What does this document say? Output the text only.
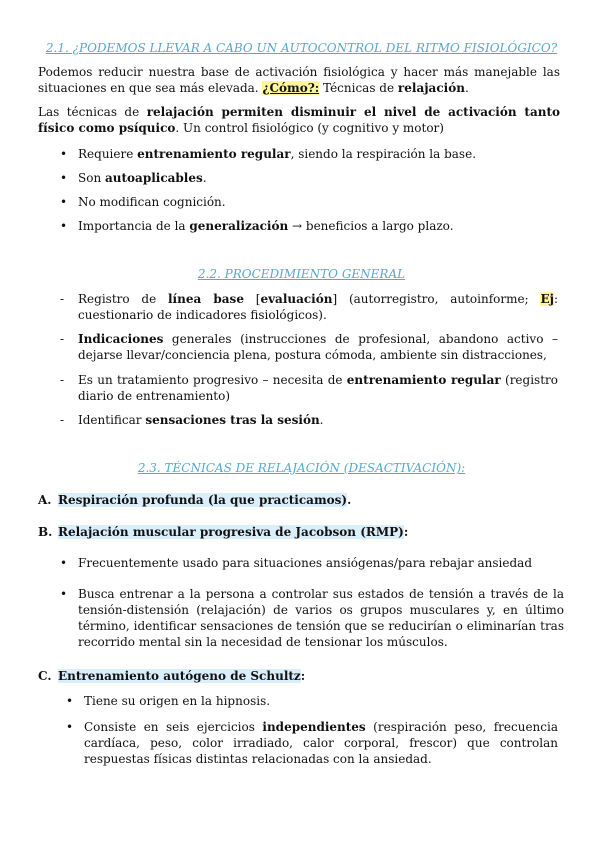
2.1. ¿PODEMOS LLEVAR A CABO UN AUTOCONTROL DEL RITMO FISIOLÓGICO?
Podemos reducir nuestra base de activación fisiológica y hacer más manejable las situaciones en que sea más elevada. ¿Cómo?: Técnicas de relajación.
Las técnicas de relajación permiten disminuir el nivel de activación tanto físico como psíquico. Un control fisiológico (y cognitivo y motor)
• Requiere entrenamiento regular, siendo la respiración la base.
• Son autoaplicables.
• No modifican cognición.
• Importancia de la generalización → beneficios a largo plazo.
2.2. PROCEDIMIENTO GENERAL
- Registro de línea base [evaluación] (autorregistro, autoinforme; Ej: cuestionario de indicadores fisiológicos).
- Indicaciones generales (instrucciones de profesional, abandono activo – dejarse llevar/conciencia plena, postura cómoda, ambiente sin distracciones,
- Es un tratamiento progresivo – necesita de entrenamiento regular (registro diario de entrenamiento)
- Identificar sensaciones tras la sesión.
2.3. TÉCNICAS DE RELAJACIÓN (DESACTIVACIÓN):
A. Respiración profunda (la que practicamos).
B. Relajación muscular progresiva de Jacobson (RMP):
• Frecuentemente usado para situaciones ansiógenas/para rebajar ansiedad
• Busca entrenar a la persona a controlar sus estados de tensión a través de la tensión-distensión (relajación) de varios os grupos musculares y, en último término, identificar sensaciones de tensión que se reducirían o eliminarían tras recorrido mental sin la necesidad de tensionar los músculos.
C. Entrenamiento autógeno de Schultz:
• Tiene su origen en la hipnosis.
• Consiste en seis ejercicios independientes (respiración peso, frecuencia cardíaca, peso, color irradiado, calor corporal, frescor) que controlan respuestas físicas distintas relacionadas con la ansiedad.
